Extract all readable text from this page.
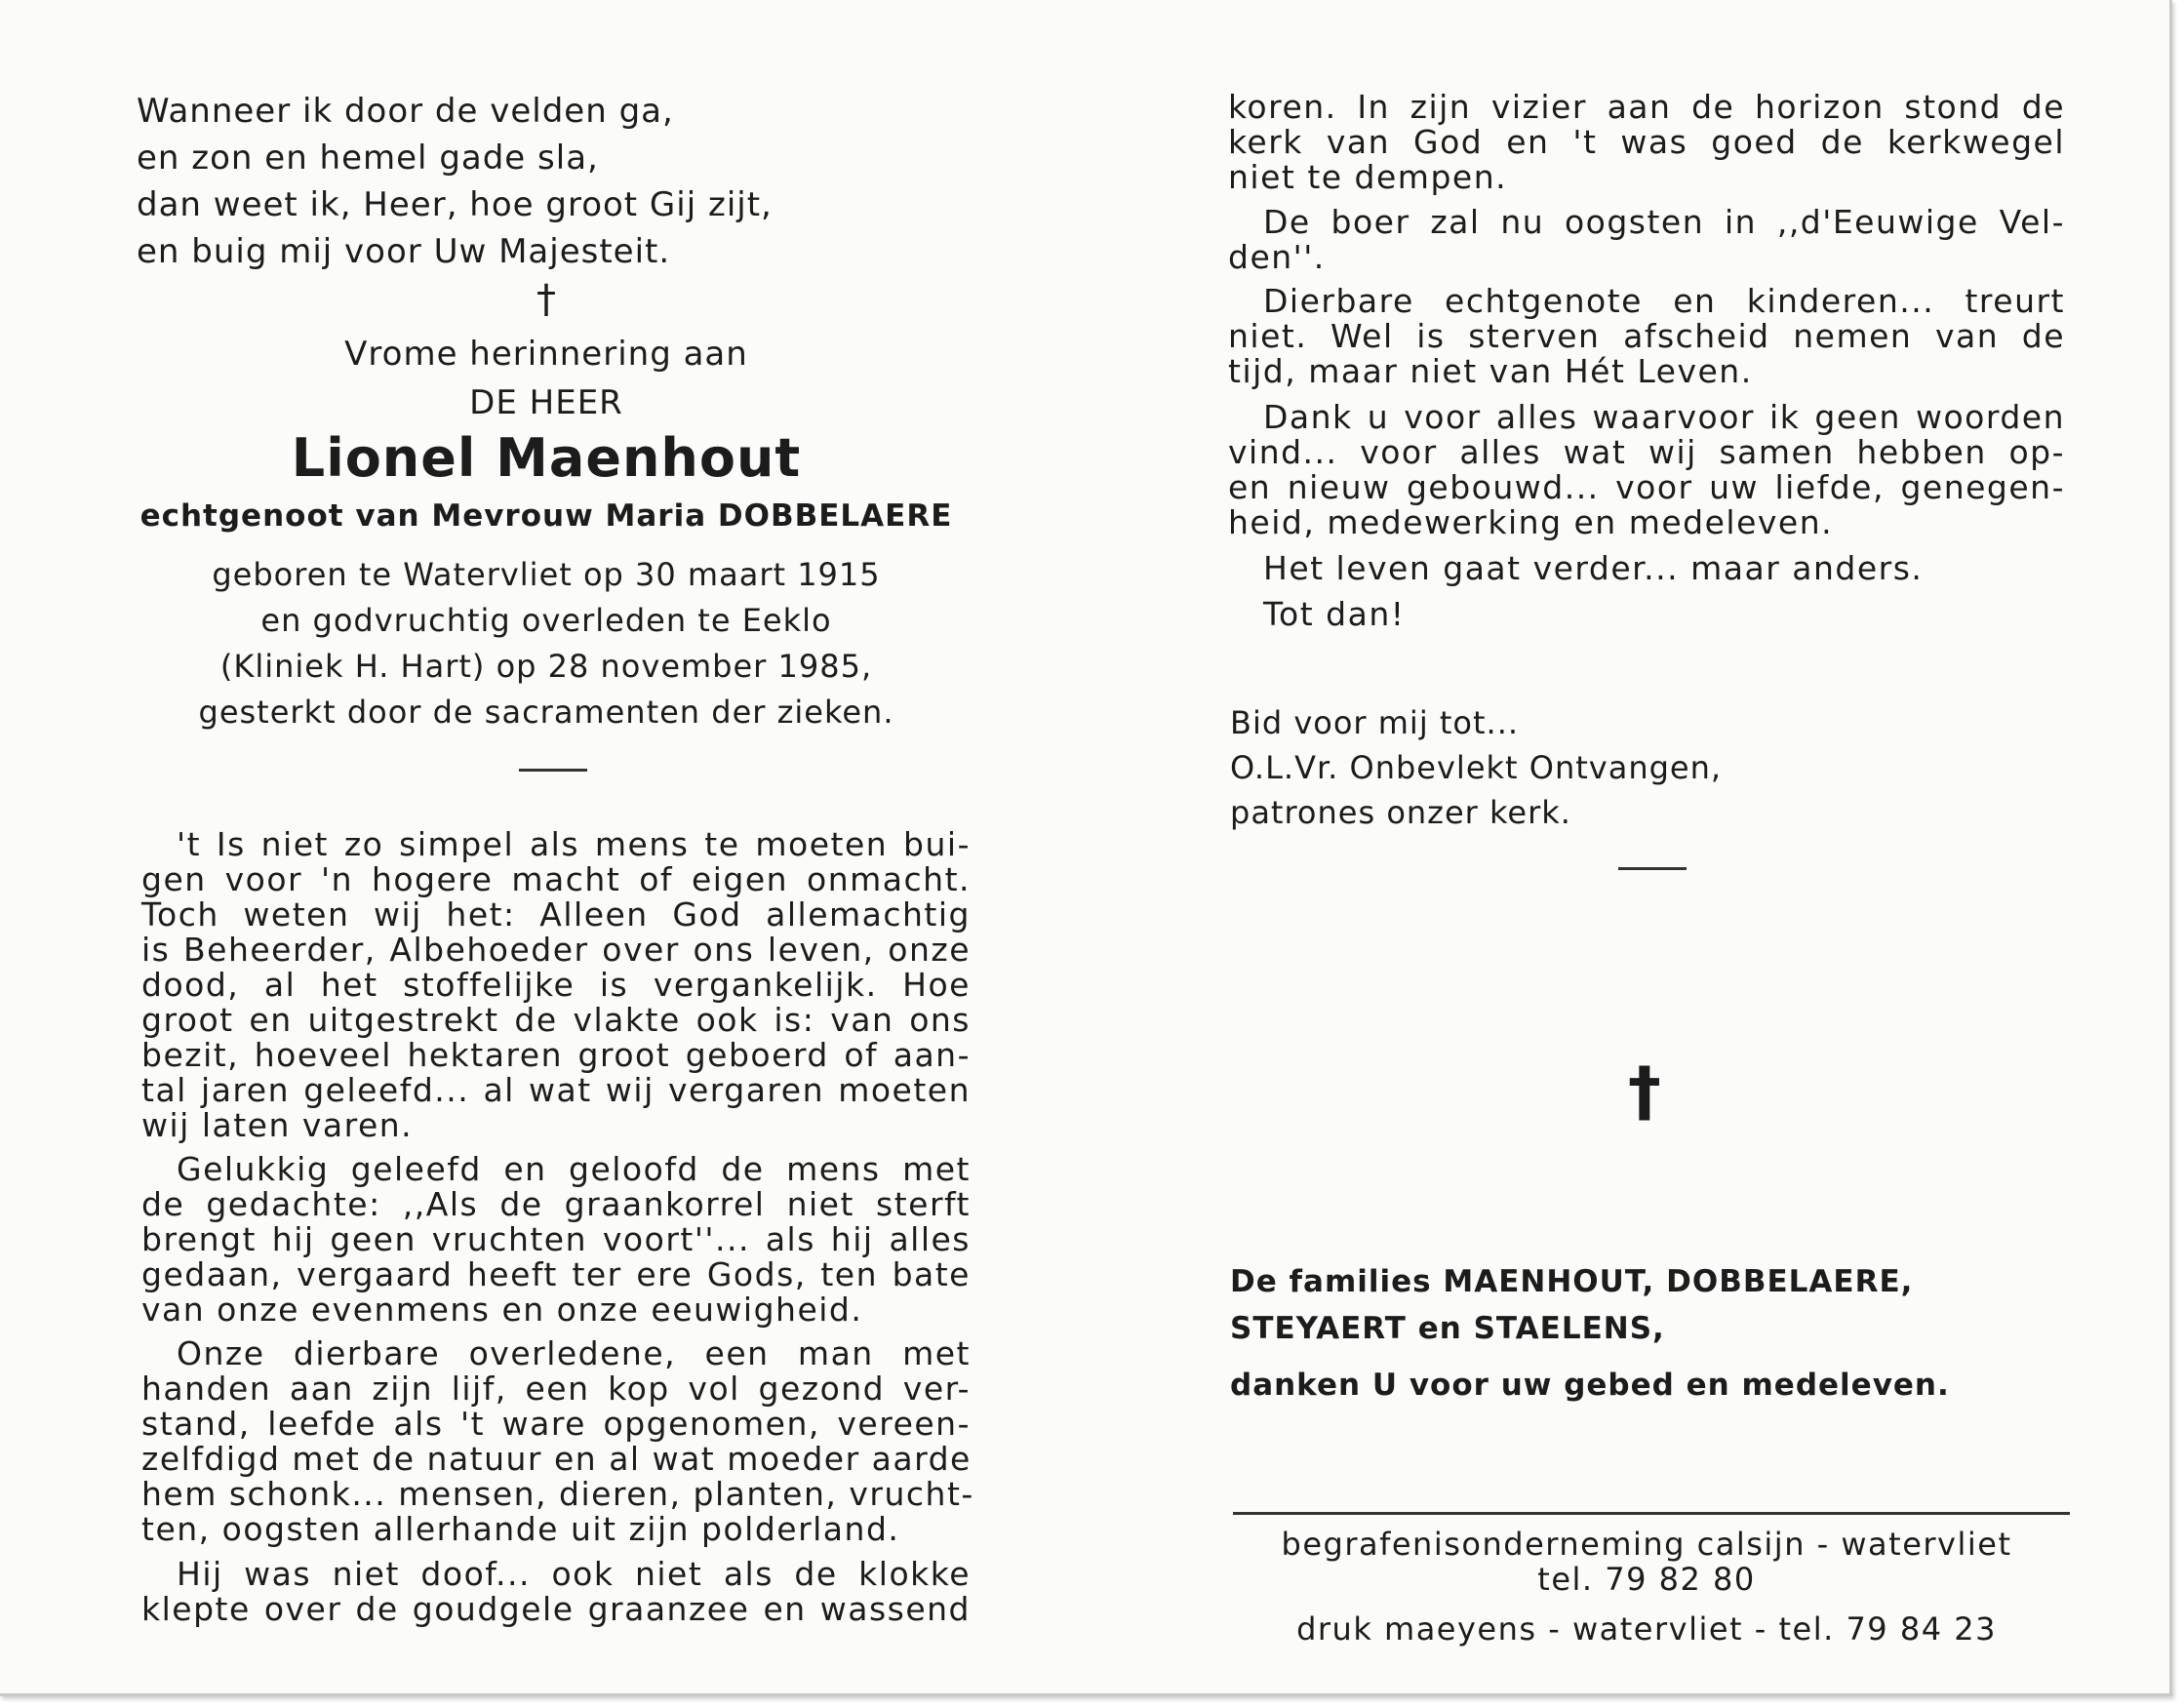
Wanneer ik door de velden ga,
en zon en hemel gade sla,
dan weet ik, Heer, hoe groot Gij zijt,
en buig mij voor Uw Majesteit.
†
Vrome herinnering aan
DE HEER
Lionel Maenhout
echtgenoot van Mevrouw Maria DOBBELAERE
geboren te Watervliet op 30 maart 1915
en godvruchtig overleden te Eeklo
(Kliniek H. Hart) op 28 november 1985,
gesterkt door de sacramenten der zieken.
't Is niet zo simpel als mens te moeten bui-
gen voor 'n hogere macht of eigen onmacht.
Toch weten wij het: Alleen God allemachtig
is Beheerder, Albehoeder over ons leven, onze
dood, al het stoffelijke is vergankelijk. Hoe
groot en uitgestrekt de vlakte ook is: van ons
bezit, hoeveel hektaren groot geboerd of aan-
tal jaren geleefd... al wat wij vergaren moeten
wij laten varen.
Gelukkig geleefd en geloofd de mens met
de gedachte: ,,Als de graankorrel niet sterft
brengt hij geen vruchten voort''... als hij alles
gedaan, vergaard heeft ter ere Gods, ten bate
van onze evenmens en onze eeuwigheid.
Onze dierbare overledene, een man met
handen aan zijn lijf, een kop vol gezond ver-
stand, leefde als 't ware opgenomen, vereen-
zelfdigd met de natuur en al wat moeder aarde
hem schonk... mensen, dieren, planten, vrucht-
ten, oogsten allerhande uit zijn polderland.
Hij was niet doof... ook niet als de klokke
klepte over de goudgele graanzee en wassend
koren. In zijn vizier aan de horizon stond de
kerk van God en 't was goed de kerkwegel
niet te dempen.
De boer zal nu oogsten in ,,d'Eeuwige Vel-
den''.
Dierbare echtgenote en kinderen... treurt
niet. Wel is sterven afscheid nemen van de
tijd, maar niet van Hét Leven.
Dank u voor alles waarvoor ik geen woorden
vind... voor alles wat wij samen hebben op-
en nieuw gebouwd... voor uw liefde, genegen-
heid, medewerking en medeleven.
Het leven gaat verder... maar anders.
Tot dan!
Bid voor mij tot...
O.L.Vr. Onbevlekt Ontvangen,
patrones onzer kerk.
†
De families MAENHOUT, DOBBELAERE,
STEYAERT en STAELENS,
danken U voor uw gebed en medeleven.
begrafenisonderneming calsijn - watervliet
tel. 79 82 80
druk maeyens - watervliet - tel. 79 84 23
